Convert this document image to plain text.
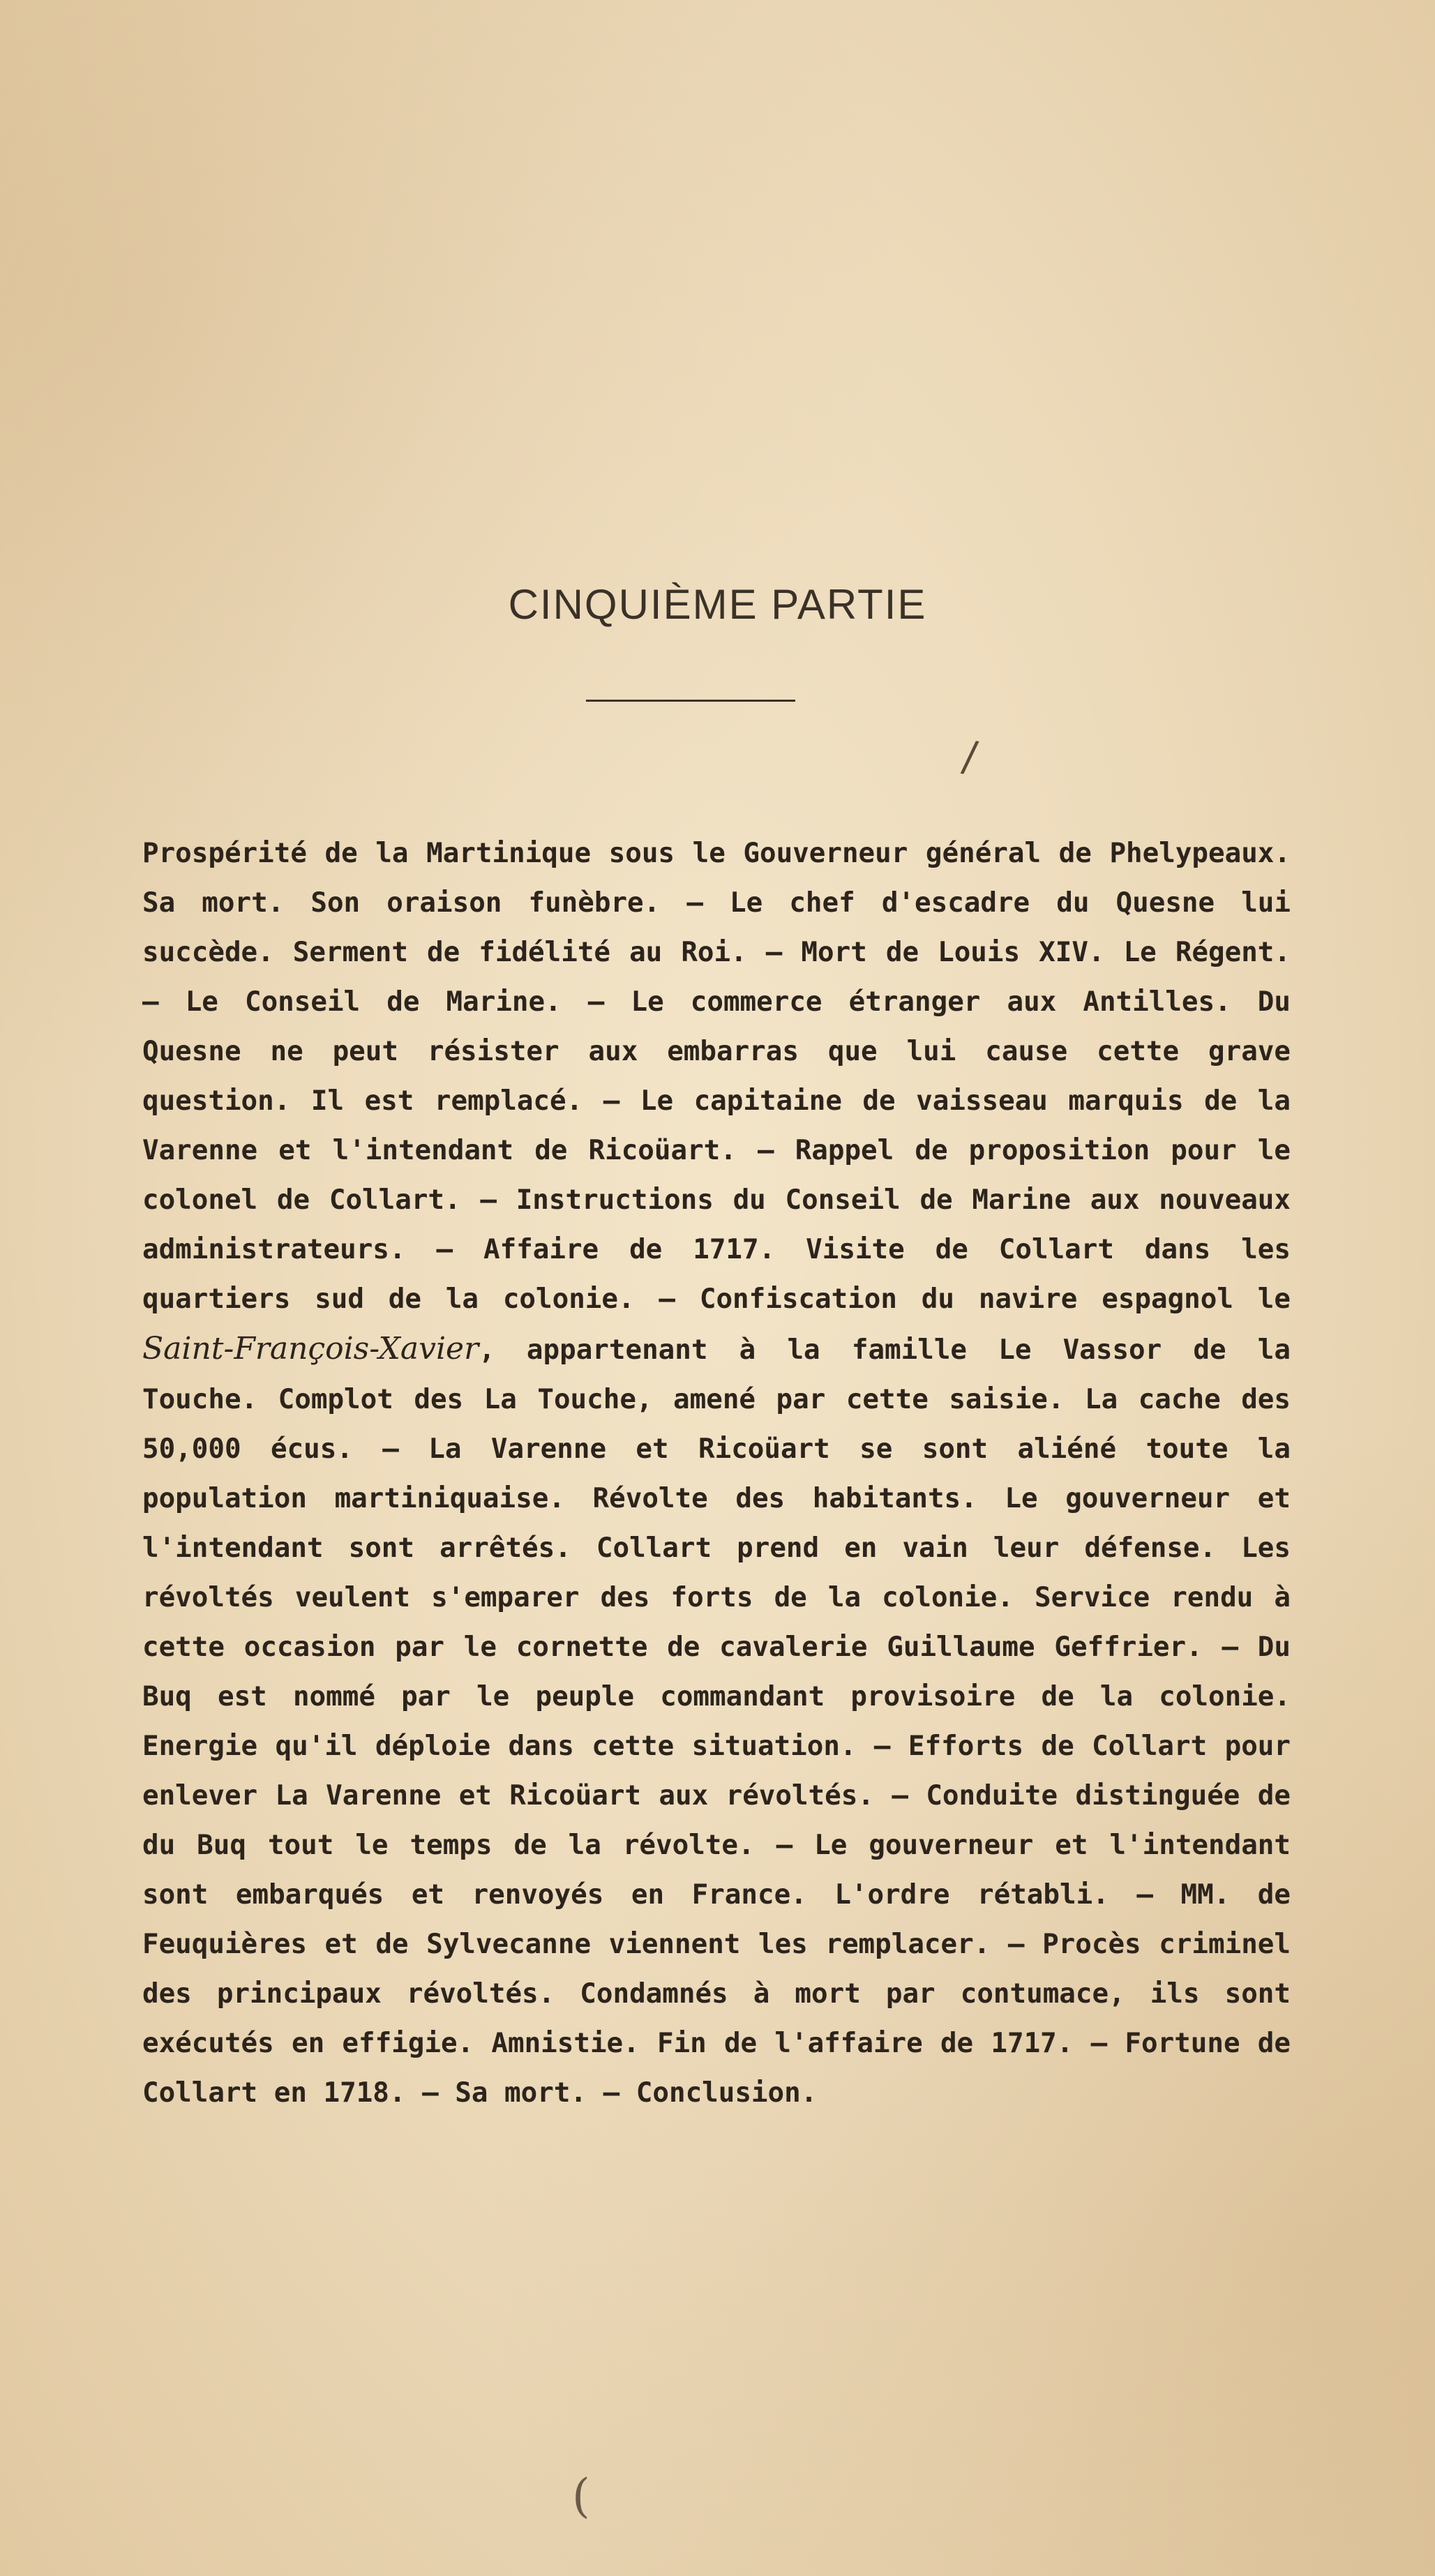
CINQUIÈME PARTIE
/

Prospérité de la Martinique sous le Gouverneur général de Phelypeaux. Sa mort. Son oraison funèbre. — Le chef d'escadre du Quesne lui succède. Serment de fidélité au Roi. — Mort de Louis XIV. Le Régent. — Le Conseil de Marine. — Le commerce étranger aux Antilles. Du Quesne ne peut résister aux embarras que lui cause cette grave question. Il est remplacé. — Le capitaine de vaisseau marquis de la Varenne et l'intendant de Ricoüart. — Rappel de proposition pour le colonel de Collart. — Instructions du Conseil de Marine aux nouveaux administrateurs. — Affaire de 1717. Visite de Collart dans les quartiers sud de la colonie. — Confiscation du navire espagnol le Saint-François-Xavier, appartenant à la famille Le Vassor de la Touche. Complot des La Touche, amené par cette saisie. La cache des 50,000 écus. — La Varenne et Ricoüart se sont aliéné toute la population martiniquaise. Révolte des habitants. Le gouverneur et l'intendant sont arrêtés. Collart prend en vain leur défense. Les révoltés veulent s'emparer des forts de la colonie. Service rendu à cette occasion par le cornette de cavalerie Guillaume Geffrier. — Du Buq est nommé par le peuple commandant provisoire de la colonie. Energie qu'il déploie dans cette situation. — Efforts de Collart pour enlever La Varenne et Ricoüart aux révoltés. — Conduite distinguée de du Buq tout le temps de la révolte. — Le gouverneur et l'intendant sont embarqués et renvoyés en France. L'ordre rétabli. — MM. de Feuquières et de Sylvecanne viennent les remplacer. — Procès criminel des principaux révoltés. Condamnés à mort par contumace, ils sont exécutés en effigie. Amnistie. Fin de l'affaire de 1717. — Fortune de Collart en 1718. — Sa mort. — Conclusion.

(
